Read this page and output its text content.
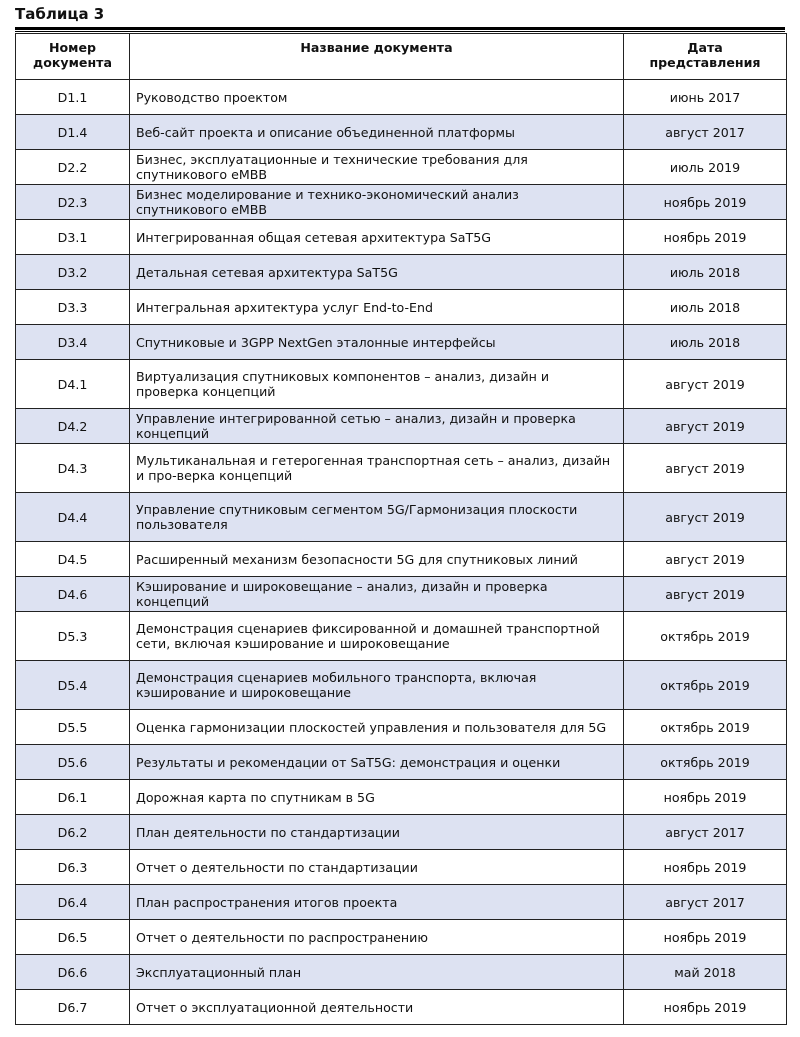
Таблица 3
Номер документа	Название документа	Дата представления
D1.1	Руководство проектом	июнь 2017
D1.4	Веб-сайт проекта и описание объединенной платформы	август 2017
D2.2	Бизнес, эксплуатационные и технические требования для спутникового eMBB	июль 2019
D2.3	Бизнес моделирование и технико-экономический анализ спутникового eMBB	ноябрь 2019
D3.1	Интегрированная общая сетевая архитектура SaT5G	ноябрь 2019
D3.2	Детальная сетевая архитектура SaT5G	июль 2018
D3.3	Интегральная архитектура услуг End-to-End	июль 2018
D3.4	Спутниковые и 3GPP NextGen эталонные интерфейсы	июль 2018
D4.1	Виртуализация спутниковых компонентов – анализ, дизайн и проверка концепций	август 2019
D4.2	Управление интегрированной сетью – анализ, дизайн и проверка концепций	август 2019
D4.3	Мультиканальная и гетерогенная транспортная сеть – анализ, дизайн и про-верка концепций	август 2019
D4.4	Управление спутниковым сегментом 5G/Гармонизация плоскости пользователя	август 2019
D4.5	Расширенный механизм безопасности 5G для спутниковых линий	август 2019
D4.6	Кэширование и широковещание – анализ, дизайн и проверка концепций	август 2019
D5.3	Демонстрация сценариев фиксированной и домашней транспортной сети, включая кэширование и широковещание	октябрь 2019
D5.4	Демонстрация сценариев мобильного транспорта, включая кэширование и широковещание	октябрь 2019
D5.5	Оценка гармонизации плоскостей управления и пользователя для 5G	октябрь 2019
D5.6	Результаты и рекомендации от SaT5G: демонстрация и оценки	октябрь 2019
D6.1	Дорожная карта по спутникам в 5G	ноябрь 2019
D6.2	План деятельности по стандартизации	август 2017
D6.3	Отчет о деятельности по стандартизации	ноябрь 2019
D6.4	План распространения итогов проекта	август 2017
D6.5	Отчет о деятельности по распространению	ноябрь 2019
D6.6	Эксплуатационный план	май 2018
D6.7	Отчет о эксплуатационной деятельности	ноябрь 2019
